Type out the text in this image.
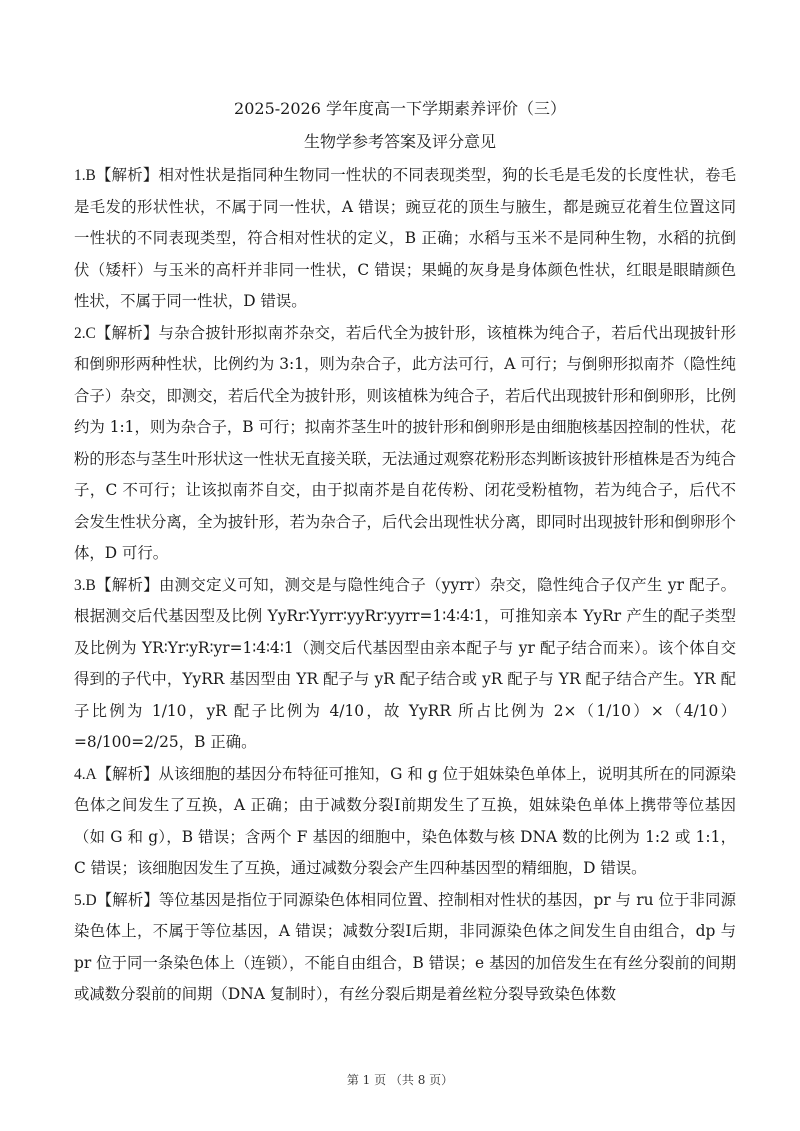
2025-2026 学年度高一下学期素养评价（三）
生物学参考答案及评分意见

1.B【解析】相对性状是指同种生物同一性状的不同表现类型，狗的长毛是毛发的长度性状，卷毛是毛发的形状性状，不属于同一性状，A 错误；豌豆花的顶生与腋生，都是豌豆花着生位置这同一性状的不同表现类型，符合相对性状的定义，B 正确；水稻与玉米不是同种生物，水稻的抗倒伏（矮杆）与玉米的高杆并非同一性状，C 错误；果蝇的灰身是身体颜色性状，红眼是眼睛颜色性状，不属于同一性状，D 错误。

2.C【解析】与杂合披针形拟南芥杂交，若后代全为披针形，该植株为纯合子，若后代出现披针形和倒卵形两种性状，比例约为 3:1，则为杂合子，此方法可行，A 可行；与倒卵形拟南芥（隐性纯合子）杂交，即测交，若后代全为披针形，则该植株为纯合子，若后代出现披针形和倒卵形，比例约为 1:1，则为杂合子，B 可行；拟南芥茎生叶的披针形和倒卵形是由细胞核基因控制的性状，花粉的形态与茎生叶形状这一性状无直接关联，无法通过观察花粉形态判断该披针形植株是否为纯合子，C 不可行；让该拟南芥自交，由于拟南芥是自花传粉、闭花受粉植物，若为纯合子，后代不会发生性状分离，全为披针形，若为杂合子，后代会出现性状分离，即同时出现披针形和倒卵形个体，D 可行。

3.B【解析】由测交定义可知，测交是与隐性纯合子（yyrr）杂交，隐性纯合子仅产生 yr 配子。根据测交后代基因型及比例 YyRr∶Yyrr∶yyRr∶yyrr=1∶4∶4∶1，可推知亲本 YyRr 产生的配子类型及比例为 YR∶Yr∶yR∶yr=1∶4∶4∶1（测交后代基因型由亲本配子与 yr 配子结合而来）。该个体自交得到的子代中，YyRR 基因型由 YR 配子与 yR 配子结合或 yR 配子与 YR 配子结合产生。YR 配子比例为 1/10，yR 配子比例为 4/10，故 YyRR 所占比例为 2×（1/10）×（4/10）=8/100=2/25，B 正确。

4.A【解析】从该细胞的基因分布特征可推知，G 和 g 位于姐妹染色单体上，说明其所在的同源染色体之间发生了互换，A 正确；由于减数分裂Ⅰ前期发生了互换，姐妹染色单体上携带等位基因（如 G 和 g），B 错误；含两个 F 基因的细胞中，染色体数与核 DNA 数的比例为 1:2 或 1:1，C 错误；该细胞因发生了互换，通过减数分裂会产生四种基因型的精细胞，D 错误。

5.D【解析】等位基因是指位于同源染色体相同位置、控制相对性状的基因，pr 与 ru 位于非同源染色体上，不属于等位基因，A 错误；减数分裂Ⅰ后期，非同源染色体之间发生自由组合，dp 与 pr 位于同一条染色体上（连锁），不能自由组合，B 错误；e 基因的加倍发生在有丝分裂前的间期或减数分裂前的间期（DNA 复制时），有丝分裂后期是着丝粒分裂导致染色体数

第 1 页 （共 8 页）
